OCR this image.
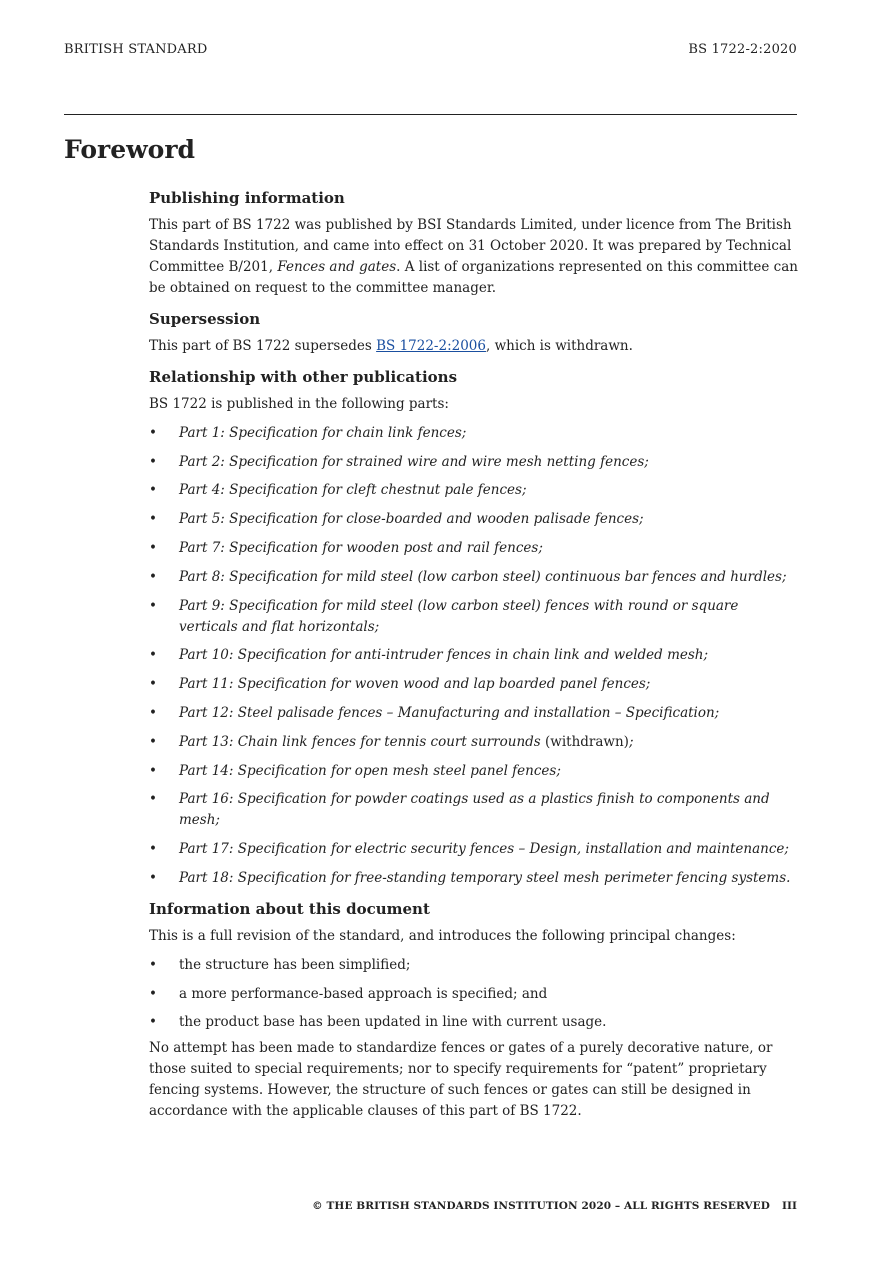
BRITISH STANDARD	BS 1722-2:2020
Foreword
Publishing information

This part of BS 1722 was published by BSI Standards Limited, under licence from The British Standards Institution, and came into effect on 31 October 2020. It was prepared by Technical Committee B/201, Fences and gates. A list of organizations represented on this committee can be obtained on request to the committee manager.

Supersession

This part of BS 1722 supersedes BS 1722-2:2006, which is withdrawn.

Relationship with other publications

BS 1722 is published in the following parts:

• Part 1: Specification for chain link fences;
• Part 2: Specification for strained wire and wire mesh netting fences;
• Part 4: Specification for cleft chestnut pale fences;
• Part 5: Specification for close-boarded and wooden palisade fences;
• Part 7: Specification for wooden post and rail fences;
• Part 8: Specification for mild steel (low carbon steel) continuous bar fences and hurdles;
• Part 9: Specification for mild steel (low carbon steel) fences with round or square verticals and flat horizontals;
• Part 10: Specification for anti-intruder fences in chain link and welded mesh;
• Part 11: Specification for woven wood and lap boarded panel fences;
• Part 12: Steel palisade fences – Manufacturing and installation – Specification;
• Part 13: Chain link fences for tennis court surrounds (withdrawn);
• Part 14: Specification for open mesh steel panel fences;
• Part 16: Specification for powder coatings used as a plastics finish to components and mesh;
• Part 17: Specification for electric security fences – Design, installation and maintenance;
• Part 18: Specification for free-standing temporary steel mesh perimeter fencing systems.
Information about this document

This is a full revision of the standard, and introduces the following principal changes:

• the structure has been simplified;
• a more performance-based approach is specified; and
• the product base has been updated in line with current usage.

No attempt has been made to standardize fences or gates of a purely decorative nature, or those suited to special requirements; nor to specify requirements for “patent” proprietary fencing systems. However, the structure of such fences or gates can still be designed in accordance with the applicable clauses of this part of BS 1722.

© THE BRITISH STANDARDS INSTITUTION 2020 – ALL RIGHTS RESERVED III
